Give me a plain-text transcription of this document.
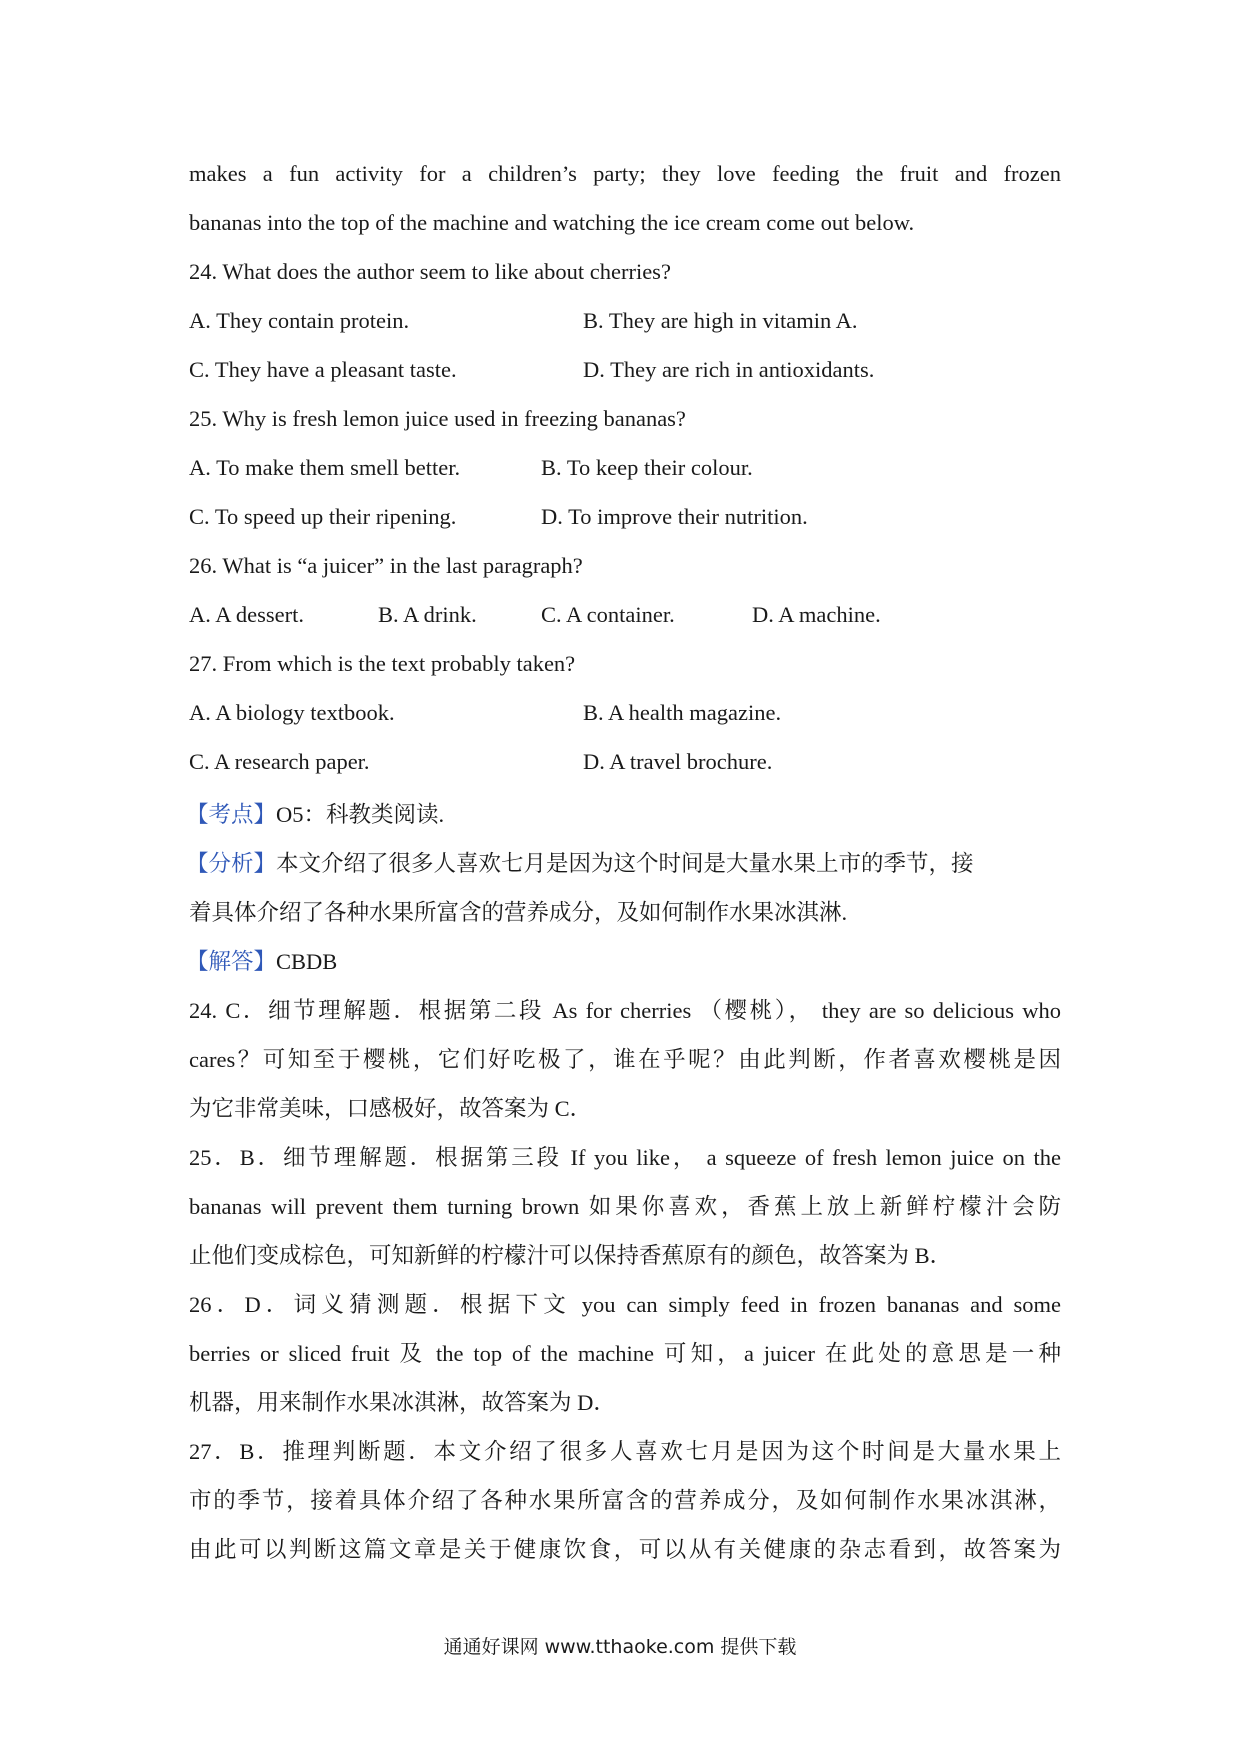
makes a fun activity for a children’s party; they love feeding the fruit and frozen
bananas into the top of the machine and watching the ice cream come out below.
24. What does the author seem to like about cherries?
A. They contain protein.	B. They are high in vitamin A.
C. They have a pleasant taste.	D. They are rich in antioxidants.
25. Why is fresh lemon juice used in freezing bananas?
A. To make them smell better.	B. To keep their colour.
C. To speed up their ripening.	D. To improve their nutrition.
26. What is “a juicer” in the last paragraph?
A. A dessert.	B. A drink.	C. A container.	D. A machine.
27. From which is the text probably taken?
A. A biology textbook.	B. A health magazine.
C. A research paper.	D. A travel brochure.
【考点】O5：科教类阅读.
【分析】本文介绍了很多人喜欢七月是因为这个时间是大量水果上市的季节，接
着具体介绍了各种水果所富含的营养成分，及如何制作水果冰淇淋.
【解答】CBDB
24. C．细节理解题．根据第二段 As for cherries （樱桃）， they are so delicious who
cares？可知至于樱桃，它们好吃极了，谁在乎呢？由此判断，作者喜欢樱桃是因
为它非常美味，口感极好，故答案为 C．
25．B．细节理解题．根据第三段 If you like， a squeeze of fresh lemon juice on the
bananas will prevent them turning brown 如果你喜欢，香蕉上放上新鲜柠檬汁会防
止他们变成棕色，可知新鲜的柠檬汁可以保持香蕉原有的颜色，故答案为 B．
26．D．词义猜测题．根据下文 you can simply feed in frozen bananas and some
berries or sliced fruit 及 the top of the machine 可知，a juicer 在此处的意思是一种
机器，用来制作水果冰淇淋，故答案为 D．
27．B．推理判断题．本文介绍了很多人喜欢七月是因为这个时间是大量水果上
市的季节，接着具体介绍了各种水果所富含的营养成分，及如何制作水果冰淇淋，
由此可以判断这篇文章是关于健康饮食，可以从有关健康的杂志看到，故答案为
通通好课网 www.tthaoke.com 提供下载
